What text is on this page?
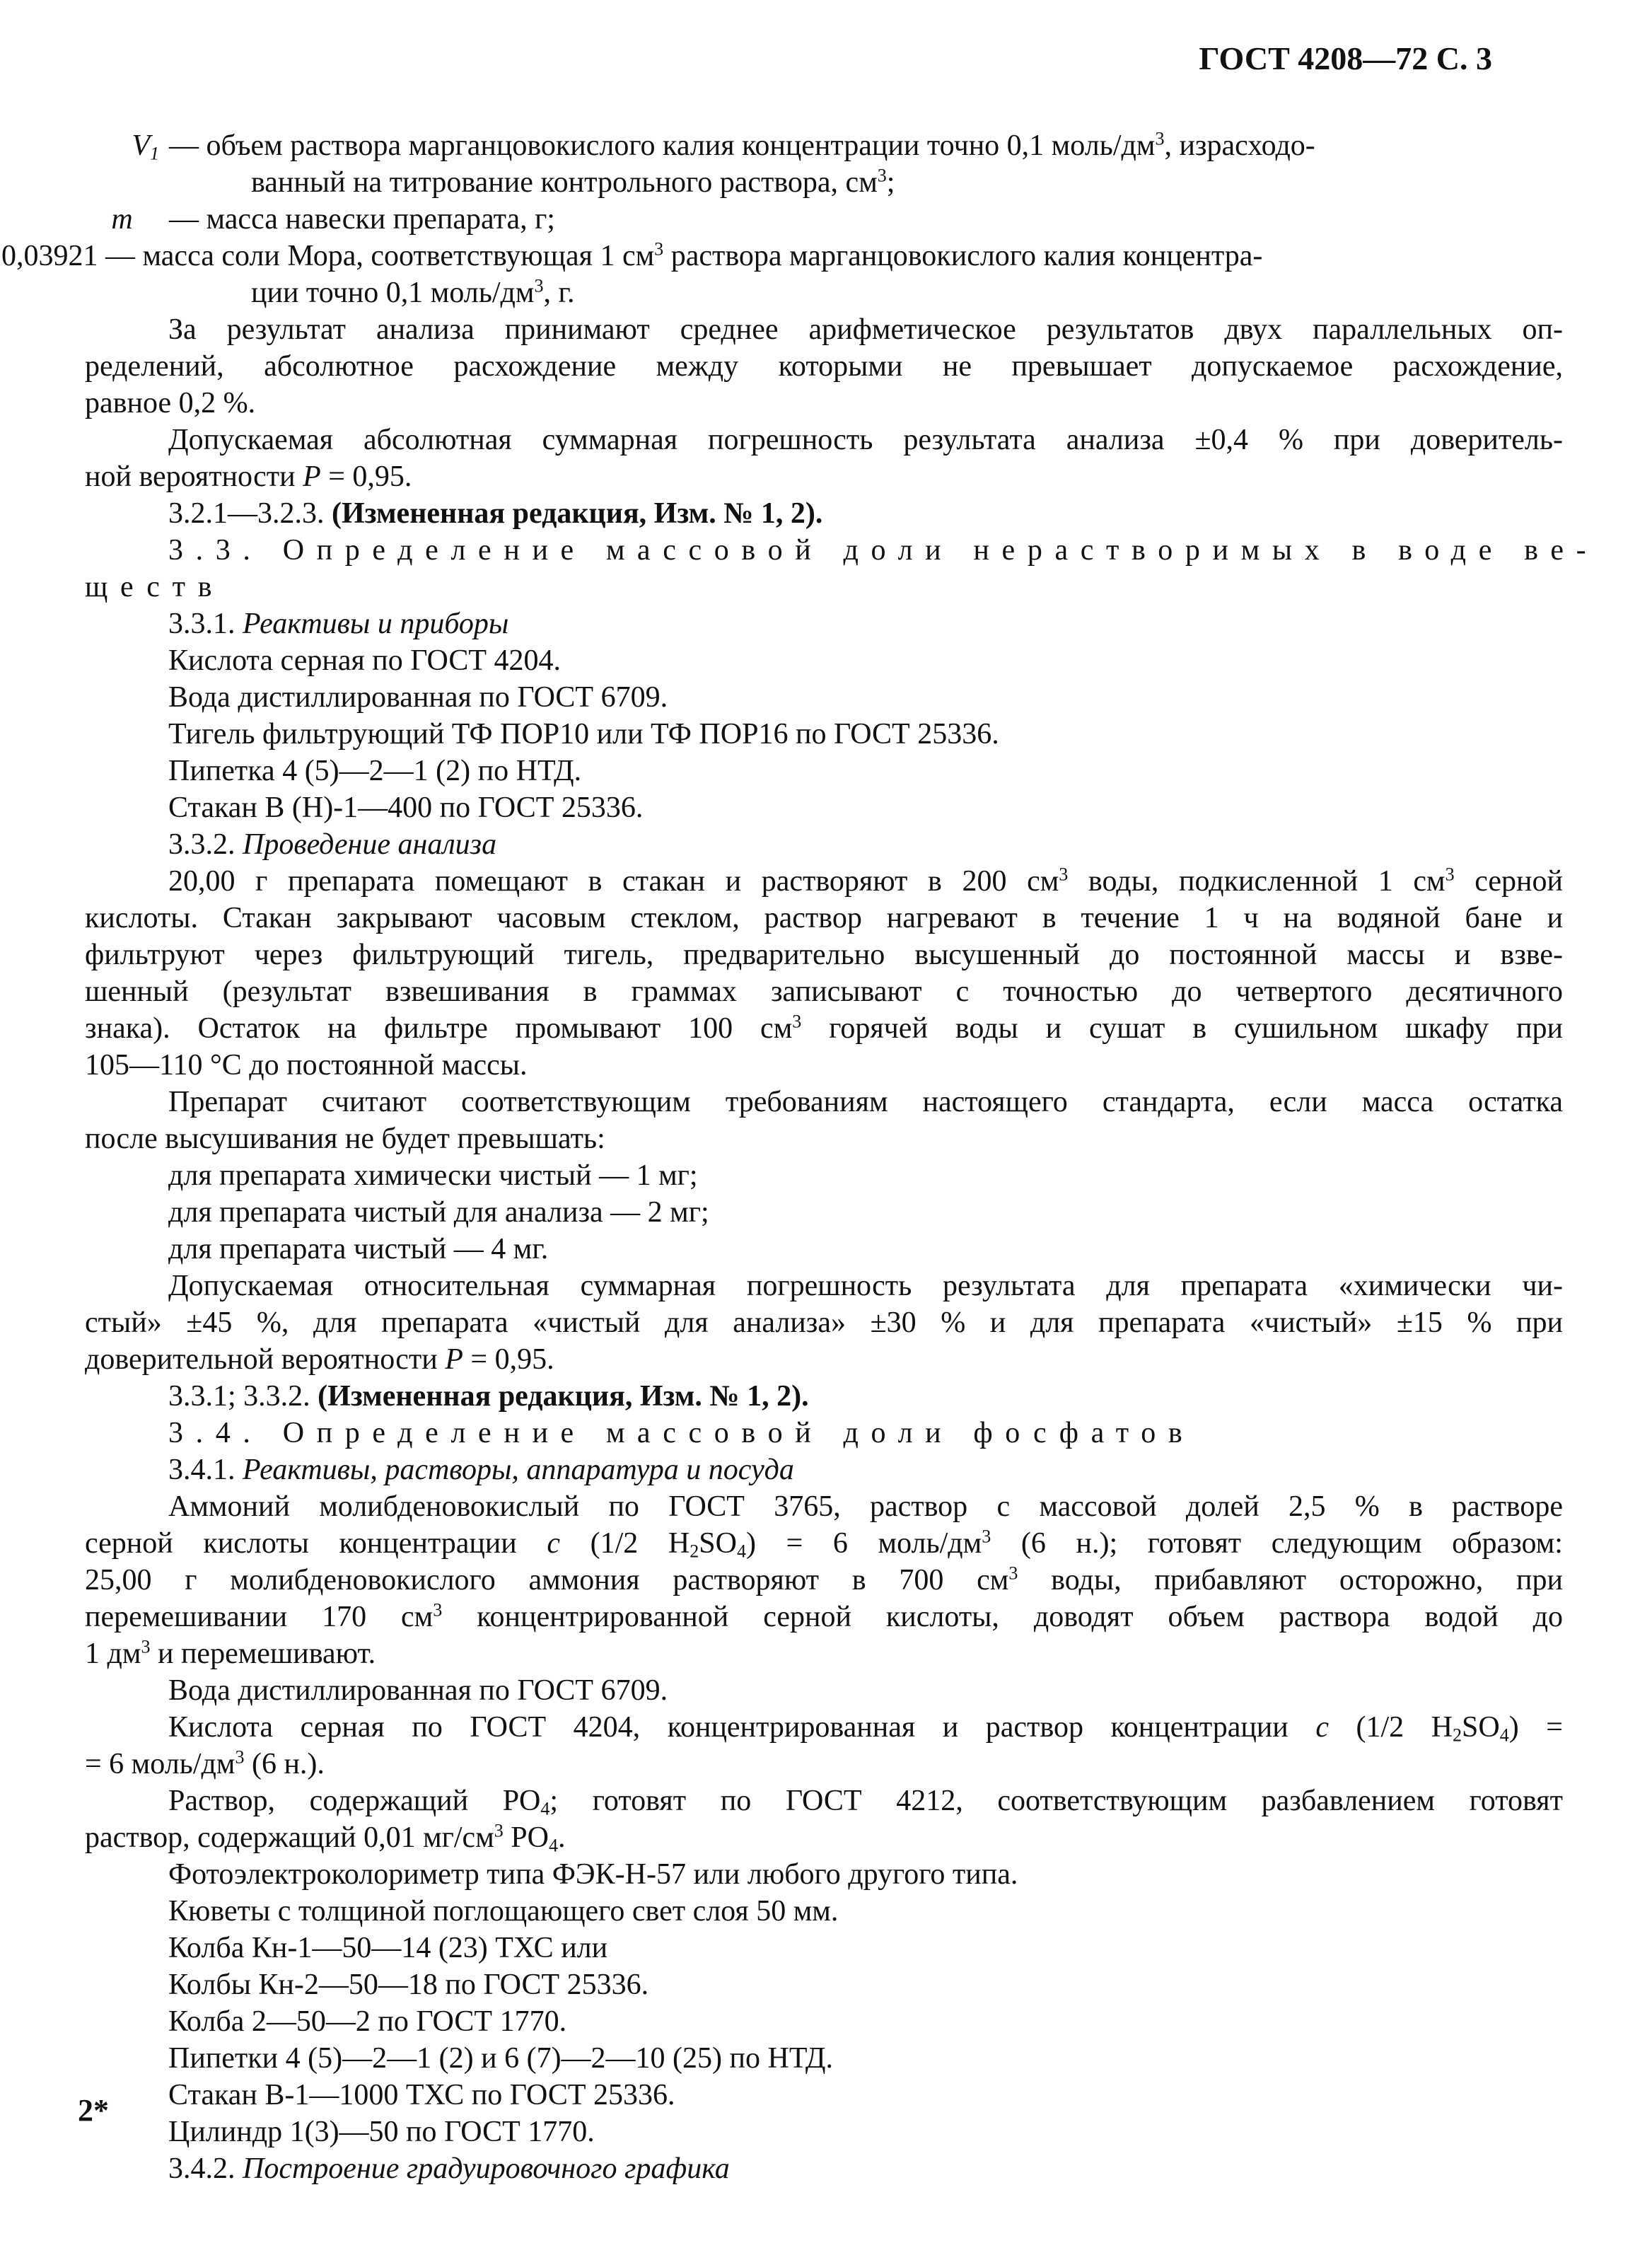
ГОСТ 4208—72 С. 3
$V_1$ — объем раствора марганцовокислого калия концентрации точно 0,1 моль/$дм^3$, израсходо-
ванный на титрование контрольного раствора, $см^3$;
m — масса навески препарата, г;
0,03921 — масса соли Мора, соответствующая 1 $см^3$ раствора марганцовокислого калия концентра-
ции точно 0,1 моль/$дм^3$, г.
За результат анализа принимают среднее арифметическое результатов двух параллельных оп-
ределений, абсолютное расхождение между которыми не превышает допускаемое расхождение,
равное 0,2 %.
Допускаемая абсолютная суммарная погрешность результата анализа ±0,4 % при доверитель-
ной вероятности P = 0,95.
3.2.1—3.2.3. (Измененная редакция, Изм. № 1, 2).
3.3. Определение массовой доли нерастворимых в воде ве-
ществ
3.3.1. Реактивы и приборы
Кислота серная по ГОСТ 4204.
Вода дистиллированная по ГОСТ 6709.
Тигель фильтрующий ТФ ПОР10 или ТФ ПОР16 по ГОСТ 25336.
Пипетка 4 (5)—2—1 (2) по НТД.
Стакан В (Н)-1—400 по ГОСТ 25336.
3.3.2. Проведение анализа
20,00 г препарата помещают в стакан и растворяют в 200 $см^3$ воды, подкисленной 1 $см^3$ серной
кислоты. Стакан закрывают часовым стеклом, раствор нагревают в течение 1 ч на водяной бане и
фильтруют через фильтрующий тигель, предварительно высушенный до постоянной массы и взве-
шенный (результат взвешивания в граммах записывают с точностью до четвертого десятичного
знака). Остаток на фильтре промывают 100 $см^3$ горячей воды и сушат в сушильном шкафу при
105—110 °С до постоянной массы.
Препарат считают соответствующим требованиям настоящего стандарта, если масса остатка
после высушивания не будет превышать:
для препарата химически чистый — 1 мг;
для препарата чистый для анализа — 2 мг;
для препарата чистый — 4 мг.
Допускаемая относительная суммарная погрешность результата для препарата «химически чи-
стый» ±45 %, для препарата «чистый для анализа» ±30 % и для препарата «чистый» ±15 % при
доверительной вероятности P = 0,95.
3.3.1; 3.3.2. (Измененная редакция, Изм. № 1, 2).
3.4. Определение массовой доли фосфатов
3.4.1. Реактивы, растворы, аппаратура и посуда
Аммоний молибденовокислый по ГОСТ 3765, раствор с массовой долей 2,5 % в растворе
серной кислоты концентрации c (1/2 $H_2SO_4) = 6$ моль/$дм^3$ (6 н.); готовят следующим образом:
25,00 г молибденовокислого аммония растворяют в 700 $см^3$ воды, прибавляют осторожно, при
перемешивании 170 $см^3$ концентрированной серной кислоты, доводят объем раствора водой до
1 $дм^3$ и перемешивают.
Вода дистиллированная по ГОСТ 6709.
Кислота серная по ГОСТ 4204, концентрированная и раствор концентрации c (1/2 $H_2SO_4$) =
= 6 моль/$дм^3$ (6 н.).
Раствор, содержащий $PO_4$; готовят по ГОСТ 4212, соответствующим разбавлением готовят
раствор, содержащий 0,01 $мг/см^3$ $PO_4$.
Фотоэлектроколориметр типа ФЭК-Н-57 или любого другого типа.
Кюветы с толщиной поглощающего свет слоя 50 мм.
Колба Кн-1—50—14 (23) ТХС или
Колбы Кн-2—50—18 по ГОСТ 25336.
Колба 2—50—2 по ГОСТ 1770.
Пипетки 4 (5)—2—1 (2) и 6 (7)—2—10 (25) по НТД.
Стакан В-1—1000 ТХС по ГОСТ 25336.
Цилиндр 1(3)—50 по ГОСТ 1770.
3.4.2. Построение градуировочного графика
2*
